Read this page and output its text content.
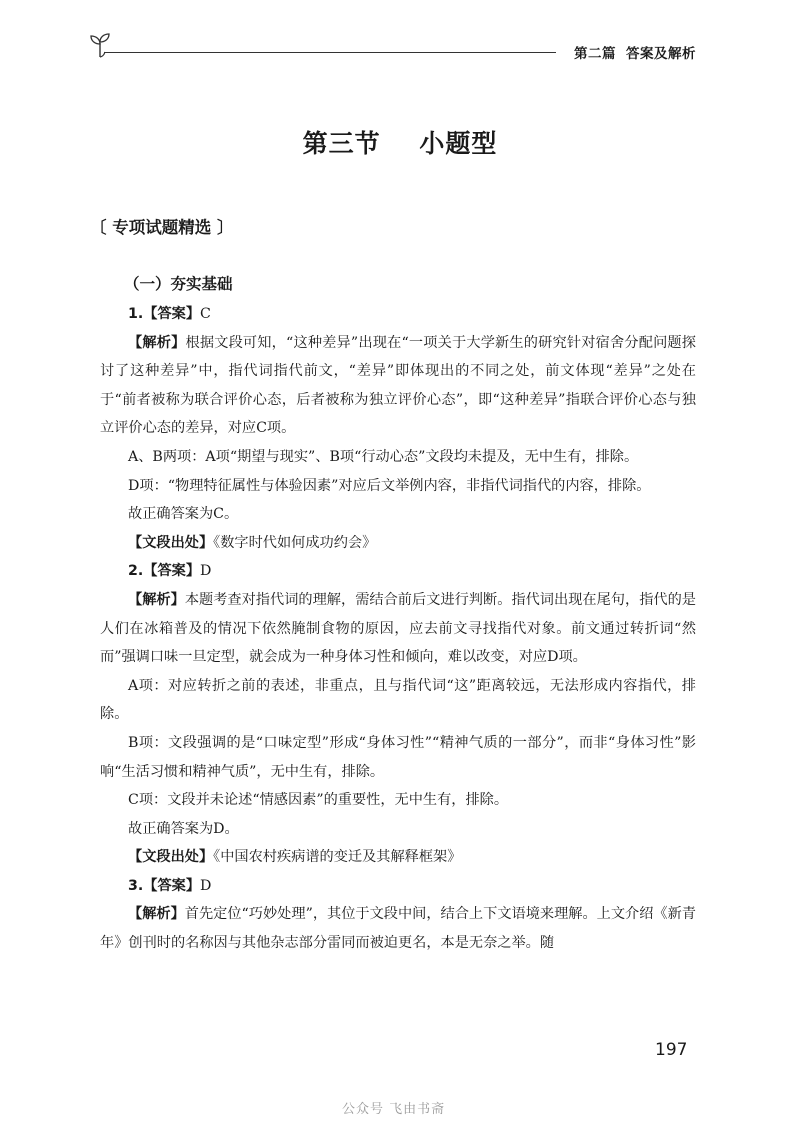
第二篇 答案及解析
第三节    小题型
〔 专项试题精选 〕
（一）夯实基础

1.【答案】C

【解析】根据文段可知，“这种差异”出现在“一项关于大学新生的研究针对宿舍分配问题探讨了这种差异”中，指代词指代前文，“差异”即体现出的不同之处，前文体现“差异”之处在于“前者被称为联合评价心态，后者被称为独立评价心态”，即“这种差异”指联合评价心态与独立评价心态的差异，对应C项。

A、B两项：A项“期望与现实”、B项“行动心态”文段均未提及，无中生有，排除。

D项：“物理特征属性与体验因素”对应后文举例内容，非指代词指代的内容，排除。

故正确答案为C。

【文段出处】《数字时代如何成功约会》

2.【答案】D

【解析】本题考查对指代词的理解，需结合前后文进行判断。指代词出现在尾句，指代的是人们在冰箱普及的情况下依然腌制食物的原因，应去前文寻找指代对象。前文通过转折词“然而”强调口味一旦定型，就会成为一种身体习性和倾向，难以改变，对应D项。

A项：对应转折之前的表述，非重点，且与指代词“这”距离较远，无法形成内容指代，排除。

B项：文段强调的是“口味定型”形成“身体习性”“精神气质的一部分”，而非“身体习性”影响“生活习惯和精神气质”，无中生有，排除。

C项：文段并未论述“情感因素”的重要性，无中生有，排除。

故正确答案为D。

【文段出处】《中国农村疾病谱的变迁及其解释框架》

3.【答案】D

【解析】首先定位“巧妙处理”，其位于文段中间，结合上下文语境来理解。上文介绍《新青年》创刊时的名称因与其他杂志部分雷同而被迫更名，本是无奈之举。随

197
公众号 飞由书斋
